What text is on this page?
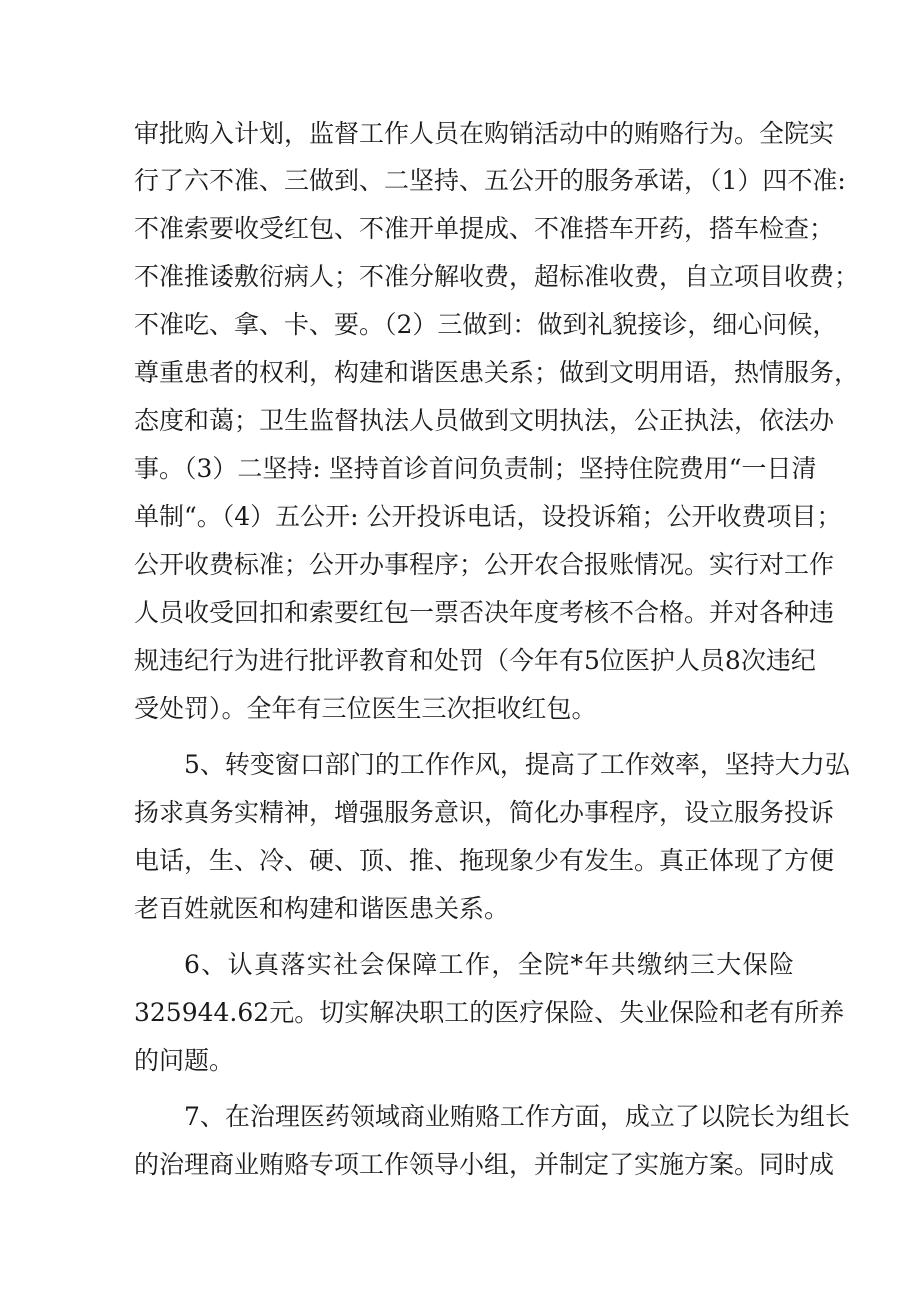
审批购入计划，监督工作人员在购销活动中的贿赂行为。全院实
行了六不准、三做到、二坚持、五公开的服务承诺，（1）四不准:
不准索要收受红包、不准开单提成、不准搭车开药，搭车检查；
不准推诿敷衍病人；不准分解收费，超标准收费，自立项目收费；
不准吃、拿、卡、要。（2）三做到：做到礼貌接诊，细心问候，
尊重患者的权利，构建和谐医患关系；做到文明用语，热情服务，
态度和蔼；卫生监督执法人员做到文明执法，公正执法，依法办
事。（3）二坚持: 坚持首诊首问负责制；坚持住院费用“一日清
单制“。（4）五公开: 公开投诉电话，设投诉箱；公开收费项目；
公开收费标准；公开办事程序；公开农合报账情况。实行对工作
人员收受回扣和索要红包一票否决年度考核不合格。并对各种违
规违纪行为进行批评教育和处罚（今年有5位医护人员8次违纪
受处罚）。全年有三位医生三次拒收红包。
5、转变窗口部门的工作作风，提高了工作效率，坚持大力弘
扬求真务实精神，增强服务意识，简化办事程序，设立服务投诉
电话，生、冷、硬、顶、推、拖现象少有发生。真正体现了方便
老百姓就医和构建和谐医患关系。
6、认真落实社会保障工作，全院*年共缴纳三大保险
325944.62元。切实解决职工的医疗保险、失业保险和老有所养
的问题。
7、在治理医药领域商业贿赂工作方面，成立了以院长为组长
的治理商业贿赂专项工作领导小组，并制定了实施方案。同时成
